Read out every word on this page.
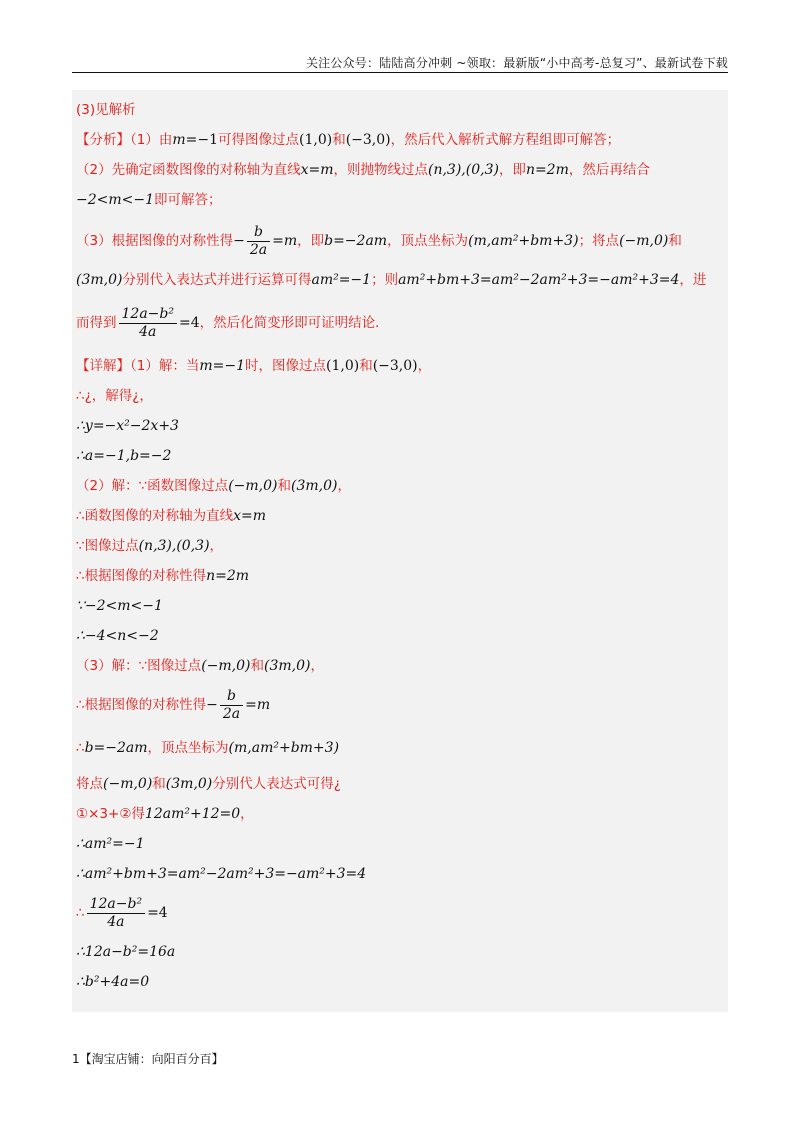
关注公众号：陆陆高分冲刺 ~领取：最新版“小中高考-总复习”、最新试卷下载
(3)见解析
【分析】（1）由m=−1可得图像过点(1,0)和(−3,0)，然后代入解析式解方程组即可解答；
（2）先确定函数图像的对称轴为直线x=m，则抛物线过点(n,3),(0,3)，即n=2m，然后再结合
−2<m<−1即可解答；
（3）根据图像的对称性得− $\frac{b}{2a} =m$，即b=−2am，顶点坐标为(m,am²+bm+3)；将点(−m,0)和
(3m,0)分别代入表达式并进行运算可得am²=−1；则am²+bm+3=am²−2am²+3=−am²+3=4，进
而得到 $\frac{\text{12a−b²}}{4a} =4$，然后化简变形即可证明结论．
【详解】（1）解：当m=−1时，图像过点(1,0)和(−3,0)，
∴¿，解得¿，
∴y=−x²−2x+3
∴a=−1,b=−2
（2）解：∵函数图像过点(−m,0)和(3m,0)，
∴函数图像的对称轴为直线x=m
∵图像过点(n,3),(0,3)，
∴根据图像的对称性得n=2m
∵−2<m<−1
∴−4<n<−2
（3）解：∵图像过点(−m,0)和(3m,0)，
∴根据图像的对称性得− $\frac{b}{2a} =m$
∴b=−2am，顶点坐标为(m,am²+bm+3)
将点(−m,0)和(3m,0)分别代人表达式可得¿
①×3+②得12am²+12=0，
∴am²=−1
∴am²+bm+3=am²−2am²+3=−am²+3=4
∴ $\frac{\text{12a−b²}}{4a} =4$
∴12a−b²=16a
∴b²+4a=0
1【淘宝店铺：向阳百分百】
